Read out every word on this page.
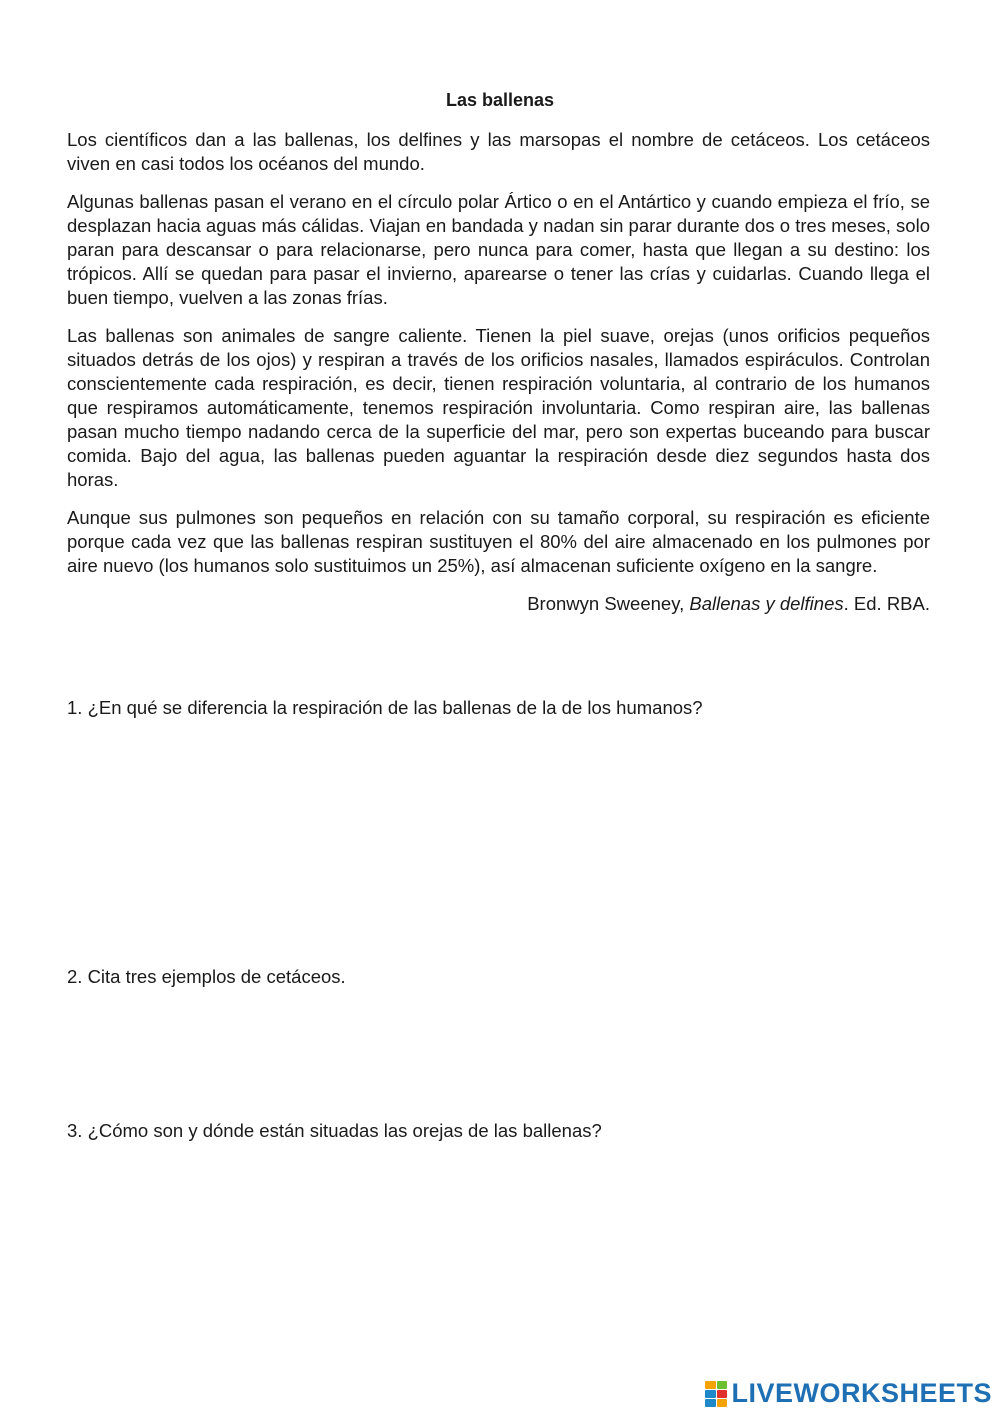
Las ballenas

Los científicos dan a las ballenas, los delfines y las marsopas el nombre de cetáceos. Los cetáceos viven en casi todos los océanos del mundo.

Algunas ballenas pasan el verano en el círculo polar Ártico o en el Antártico y cuando empieza el frío, se desplazan hacia aguas más cálidas. Viajan en bandada y nadan sin parar durante dos o tres meses, solo paran para descansar o para relacionarse, pero nunca para comer, hasta que llegan a su destino: los trópicos. Allí se quedan para pasar el invierno, aparearse o tener las crías y cuidarlas. Cuando llega el buen tiempo, vuelven a las zonas frías.

Las ballenas son animales de sangre caliente. Tienen la piel suave, orejas (unos orificios pequeños situados detrás de los ojos) y respiran a través de los orificios nasales, llamados espiráculos. Controlan conscientemente cada respiración, es decir, tienen respiración voluntaria, al contrario de los humanos que respiramos automáticamente, tenemos respiración involuntaria. Como respiran aire, las ballenas pasan mucho tiempo nadando cerca de la superficie del mar, pero son expertas buceando para buscar comida. Bajo del agua, las ballenas pueden aguantar la respiración desde diez segundos hasta dos horas.

Aunque sus pulmones son pequeños en relación con su tamaño corporal, su respiración es eficiente porque cada vez que las ballenas respiran sustituyen el 80% del aire almacenado en los pulmones por aire nuevo (los humanos solo sustituimos un 25%), así almacenan suficiente oxígeno en la sangre.

Bronwyn Sweeney, Ballenas y delfines. Ed. RBA.

1. ¿En qué se diferencia la respiración de las ballenas de la de los humanos?

2. Cita tres ejemplos de cetáceos.

3. ¿Cómo son y dónde están situadas las orejas de las ballenas?

LIVEWORKSHEETS
